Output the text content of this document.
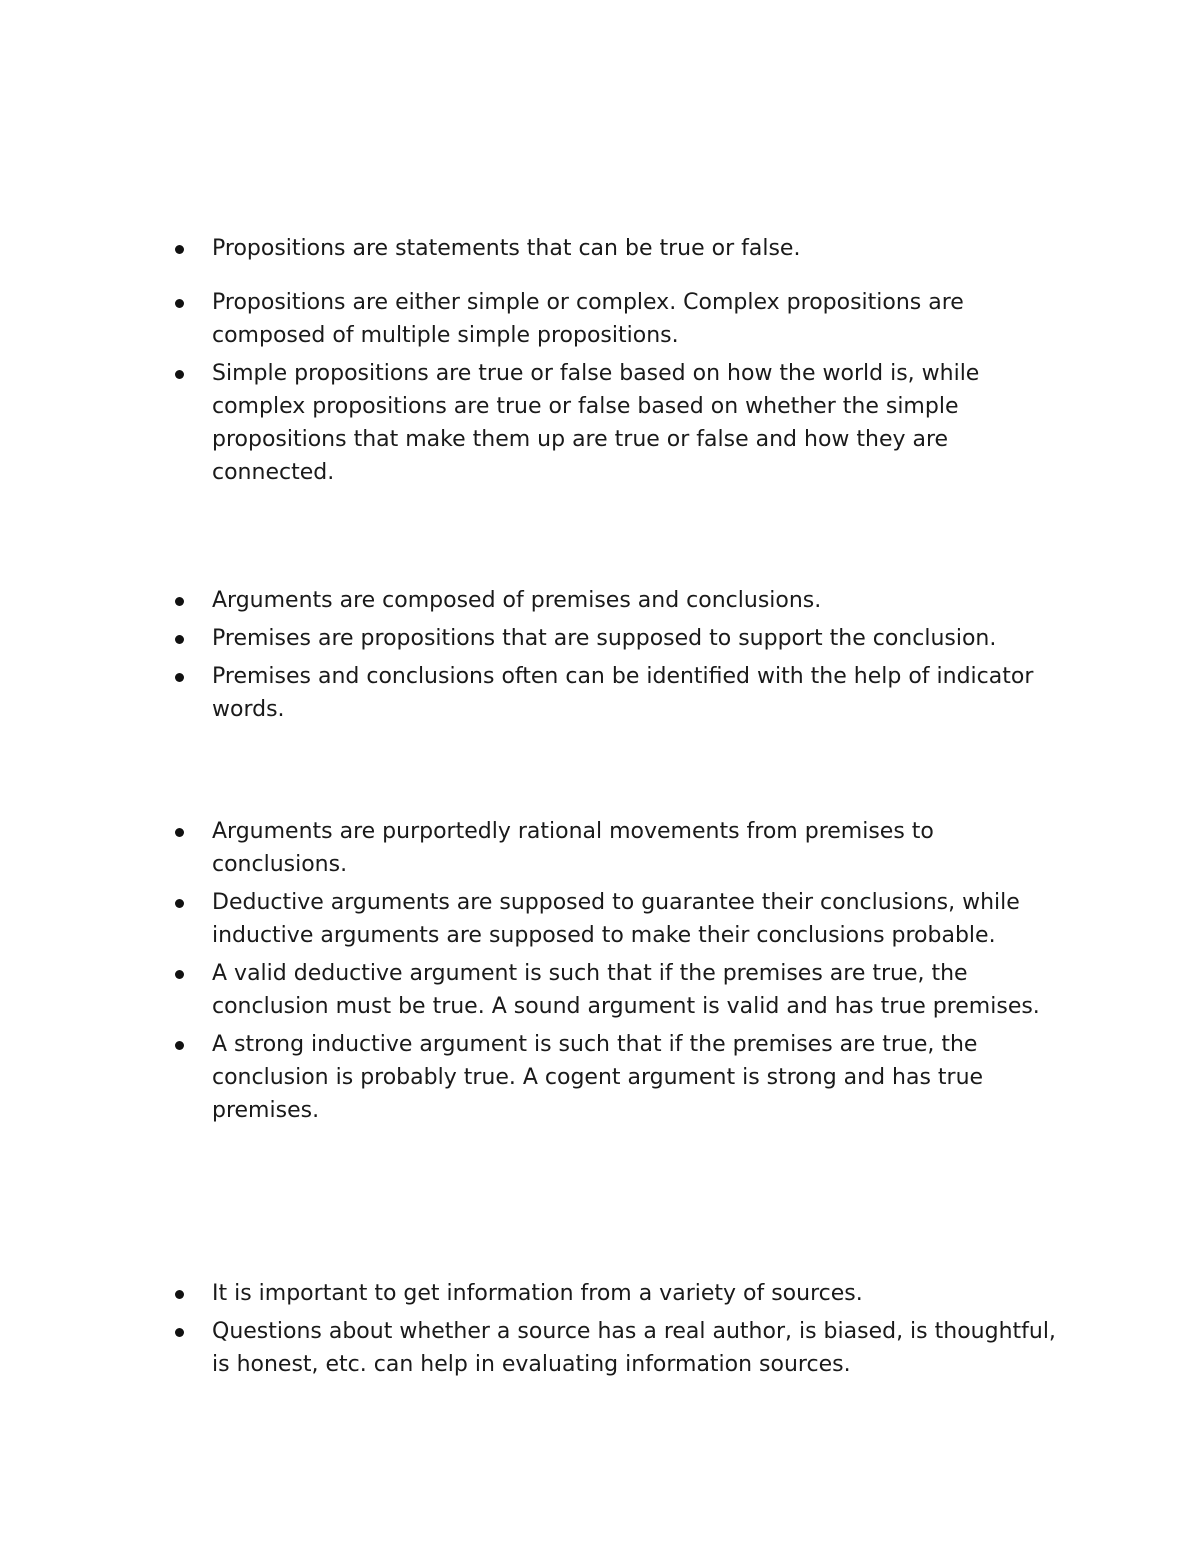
Propositions are statements that can be true or false.
Propositions are either simple or complex. Complex propositions are composed of multiple simple propositions.
Simple propositions are true or false based on how the world is, while complex propositions are true or false based on whether the simple propositions that make them up are true or false and how they are connected.
Arguments are composed of premises and conclusions.
Premises are propositions that are supposed to support the conclusion.
Premises and conclusions often can be identified with the help of indicator words.
Arguments are purportedly rational movements from premises to conclusions.
Deductive arguments are supposed to guarantee their conclusions, while inductive arguments are supposed to make their conclusions probable.
A valid deductive argument is such that if the premises are true, the conclusion must be true. A sound argument is valid and has true premises.
A strong inductive argument is such that if the premises are true, the conclusion is probably true. A cogent argument is strong and has true premises.
It is important to get information from a variety of sources.
Questions about whether a source has a real author, is biased, is thoughtful, is honest, etc. can help in evaluating information sources.
